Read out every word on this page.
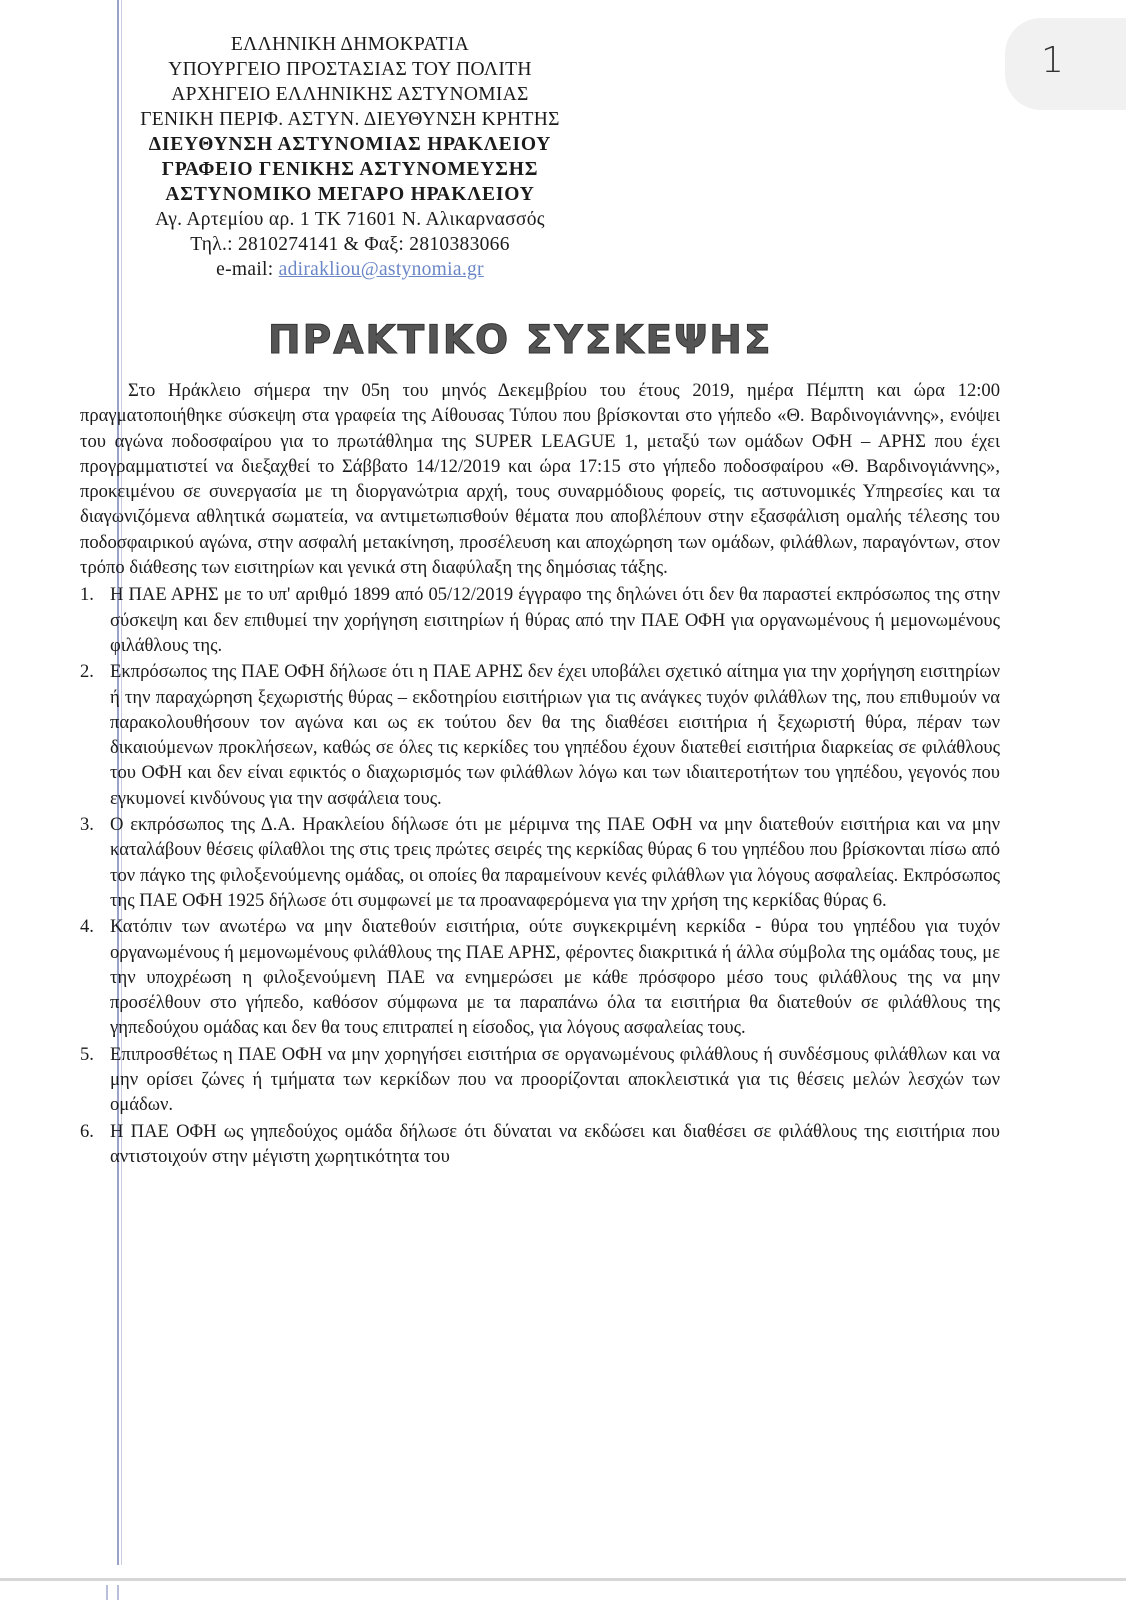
1
ΕΛΛΗΝΙΚΗ ΔΗΜΟΚΡΑΤΙΑ
ΥΠΟΥΡΓΕΙΟ ΠΡΟΣΤΑΣΙΑΣ ΤΟΥ ΠΟΛΙΤΗ
ΑΡΧΗΓΕΙΟ ΕΛΛΗΝΙΚΗΣ ΑΣΤΥΝΟΜΙΑΣ
ΓΕΝΙΚΗ ΠΕΡΙΦ. ΑΣΤΥΝ. ΔΙΕΥΘΥΝΣΗ ΚΡΗΤΗΣ
ΔΙΕΥΘΥΝΣΗ ΑΣΤΥΝΟΜΙΑΣ ΗΡΑΚΛΕΙΟΥ
ΓΡΑΦΕΙΟ ΓΕΝΙΚΗΣ ΑΣΤΥΝΟΜΕΥΣΗΣ
ΑΣΤΥΝΟΜΙΚΟ ΜΕΓΑΡΟ ΗΡΑΚΛΕΙΟΥ
Αγ. Αρτεμίου αρ. 1 ΤΚ 71601 Ν. Αλικαρνασσός
Τηλ.: 2810274141 & Φαξ: 2810383066
e-mail: adirakliou@astynomia.gr
ΠΡΑΚΤΙΚΟ ΣΥΣΚΕΨΗΣ

Στο Ηράκλειο σήμερα την 05η του μηνός Δεκεμβρίου του έτους 2019, ημέρα Πέμπτη και ώρα 12:00 πραγματοποιήθηκε σύσκεψη στα γραφεία της Αίθουσας Τύπου που βρίσκονται στο γήπεδο «Θ. Βαρδινογιάννης», ενόψει του αγώνα ποδοσφαίρου για το πρωτάθλημα της SUPER LEAGUE 1, μεταξύ των ομάδων ΟΦΗ – ΑΡΗΣ που έχει προγραμματιστεί να διεξαχθεί το Σάββατο 14/12/2019 και ώρα 17:15 στο γήπεδο ποδοσφαίρου «Θ. Βαρδινογιάννης», προκειμένου σε συνεργασία με τη διοργανώτρια αρχή, τους συναρμόδιους φορείς, τις αστυνομικές Υπηρεσίες και τα διαγωνιζόμενα αθλητικά σωματεία, να αντιμετωπισθούν θέματα που αποβλέπουν στην εξασφάλιση ομαλής τέλεσης του ποδοσφαιρικού αγώνα, στην ασφαλή μετακίνηση, προσέλευση και αποχώρηση των ομάδων, φιλάθλων, παραγόντων, στον τρόπο διάθεσης των εισιτηρίων και γενικά στη διαφύλαξη της δημόσιας τάξης.

1. Η ΠΑΕ ΑΡΗΣ με το υπ' αριθμό 1899 από 05/12/2019 έγγραφο της δηλώνει ότι δεν θα παραστεί εκπρόσωπος της στην σύσκεψη και δεν επιθυμεί την χορήγηση εισιτηρίων ή θύρας από την ΠΑΕ ΟΦΗ για οργανωμένους ή μεμονωμένους φιλάθλους της.
2. Εκπρόσωπος της ΠΑΕ ΟΦΗ δήλωσε ότι η ΠΑΕ ΑΡΗΣ δεν έχει υποβάλει σχετικό αίτημα για την χορήγηση εισιτηρίων ή την παραχώρηση ξεχωριστής θύρας – εκδοτηρίου εισιτήριων για τις ανάγκες τυχόν φιλάθλων της, που επιθυμούν να παρακολουθήσουν τον αγώνα και ως εκ τούτου δεν θα της διαθέσει εισιτήρια ή ξεχωριστή θύρα, πέραν των δικαιούμενων προκλήσεων, καθώς σε όλες τις κερκίδες του γηπέδου έχουν διατεθεί εισιτήρια διαρκείας σε φιλάθλους του ΟΦΗ και δεν είναι εφικτός ο διαχωρισμός των φιλάθλων λόγω και των ιδιαιτεροτήτων του γηπέδου, γεγονός που εγκυμονεί κινδύνους για την ασφάλεια τους.
3. Ο εκπρόσωπος της Δ.Α. Ηρακλείου δήλωσε ότι με μέριμνα της ΠΑΕ ΟΦΗ να μην διατεθούν εισιτήρια και να μην καταλάβουν θέσεις φίλαθλοι της στις τρεις πρώτες σειρές της κερκίδας θύρας 6 του γηπέδου που βρίσκονται πίσω από τον πάγκο της φιλοξενούμενης ομάδας, οι οποίες θα παραμείνουν κενές φιλάθλων για λόγους ασφαλείας. Εκπρόσωπος της ΠΑΕ ΟΦΗ 1925 δήλωσε ότι συμφωνεί με τα προαναφερόμενα για την χρήση της κερκίδας θύρας 6.
4. Κατόπιν των ανωτέρω να μην διατεθούν εισιτήρια, ούτε συγκεκριμένη κερκίδα - θύρα του γηπέδου για τυχόν οργανωμένους ή μεμονωμένους φιλάθλους της ΠΑΕ ΑΡΗΣ, φέροντες διακριτικά ή άλλα σύμβολα της ομάδας τους, με την υποχρέωση η φιλοξενούμενη ΠΑΕ να ενημερώσει με κάθε πρόσφορο μέσο τους φιλάθλους της να μην προσέλθουν στο γήπεδο, καθόσον σύμφωνα με τα παραπάνω όλα τα εισιτήρια θα διατεθούν σε φιλάθλους της γηπεδούχου ομάδας και δεν θα τους επιτραπεί η είσοδος, για λόγους ασφαλείας τους.
5. Επιπροσθέτως η ΠΑΕ ΟΦΗ να μην χορηγήσει εισιτήρια σε οργανωμένους φιλάθλους ή συνδέσμους φιλάθλων και να μην ορίσει ζώνες ή τμήματα των κερκίδων που να προορίζονται αποκλειστικά για τις θέσεις μελών λεσχών των ομάδων.
6. Η ΠΑΕ ΟΦΗ ως γηπεδούχος ομάδα δήλωσε ότι δύναται να εκδώσει και διαθέσει σε φιλάθλους της εισιτήρια που αντιστοιχούν στην μέγιστη χωρητικότητα του
